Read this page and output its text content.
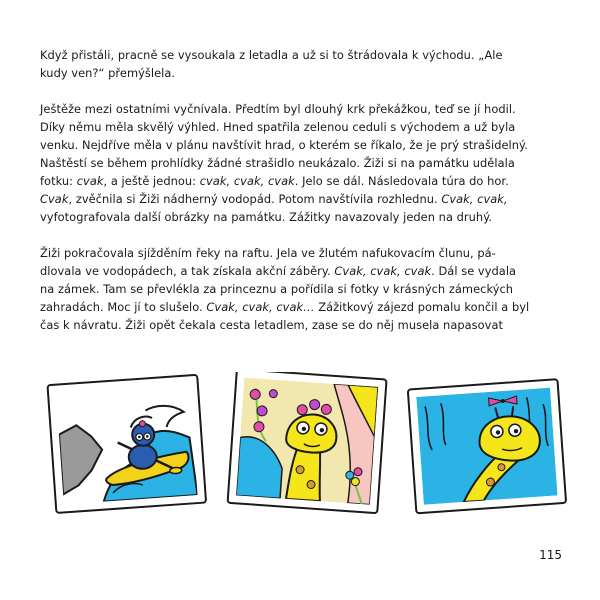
Když přistáli, pracně se vysoukala z letadla a už si to štrádovala k východu. „Ale
kudy ven?“ přemýšlela.

Ještěže mezi ostatními vyčnívala. Předtím byl dlouhý krk překážkou, teď se jí hodil.
Díky němu měla skvělý výhled. Hned spatřila zelenou ceduli s východem a už byla
venku. Nejdříve měla v plánu navštívit hrad, o kterém se říkalo, že je prý strašidelný.
Naštěstí se během prohlídky žádné strašidlo neukázalo. Žiži si na památku udělala
fotku: cvak, a ještě jednou: cvak, cvak, cvak. Jelo se dál. Následovala túra do hor.
Cvak, zvěčnila si Žiži nádherný vodopád. Potom navštívila rozhlednu. Cvak, cvak,
vyfotografovala další obrázky na památku. Zážitky navazovaly jeden na druhý.

Žiži pokračovala sjížděním řeky na raftu. Jela ve žlutém nafukovacím člunu, pá-
dlovala ve vodopádech, a tak získala akční záběry. Cvak, cvak, cvak. Dál se vydala
na zámek. Tam se převlékla za princeznu a pořídila si fotky v krásných zámeckých
zahradách. Moc jí to slušelo. Cvak, cvak, cvak… Zážitkový zájezd pomalu končil a byl
čas k návratu. Žiži opět čekala cesta letadlem, zase se do něj musela napasovat

115
